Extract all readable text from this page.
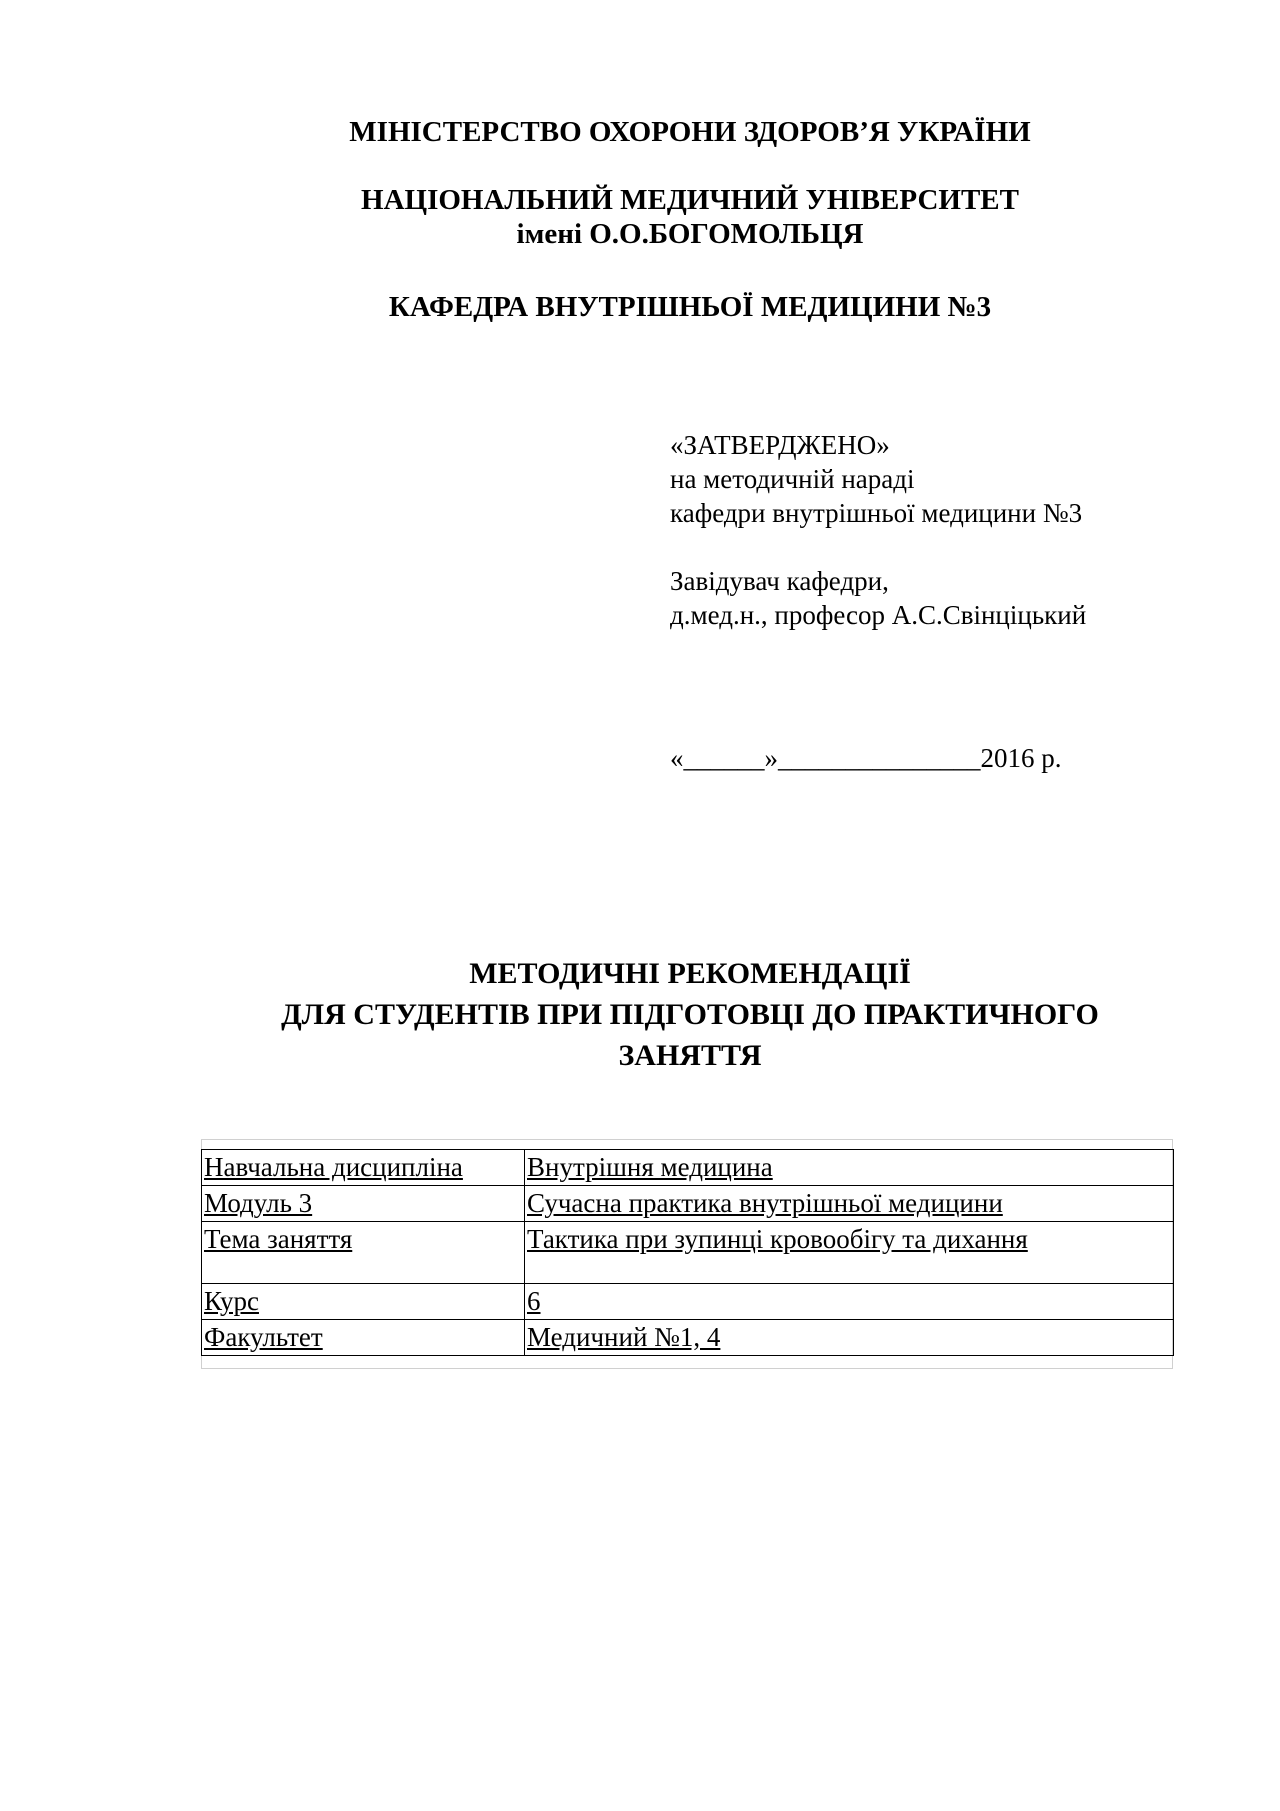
МІНІСТЕРСТВО ОХОРОНИ ЗДОРОВ’Я УКРАЇНИ
НАЦІОНАЛЬНИЙ МЕДИЧНИЙ УНІВЕРСИТЕТ
імені О.О.БОГОМОЛЬЦЯ
КАФЕДРА ВНУТРІШНЬОЇ МЕДИЦИНИ №3
«ЗАТВЕРДЖЕНО»
на методичній нараді
кафедри внутрішньої медицини №3
Завідувач кафедри,
д.мед.н., професор А.С.Свінціцький
«______»_______________2016 р.
МЕТОДИЧНІ РЕКОМЕНДАЦІЇ
ДЛЯ СТУДЕНТІВ ПРИ ПІДГОТОВЦІ ДО ПРАКТИЧНОГО
ЗАНЯТТЯ
Навчальна дисципліна	Внутрішня медицина
Модуль 3	Сучасна практика внутрішньої медицини
Тема заняття	Тактика при зупинці кровообігу та дихання
Курс	6
Факультет	Медичний №1, 4
